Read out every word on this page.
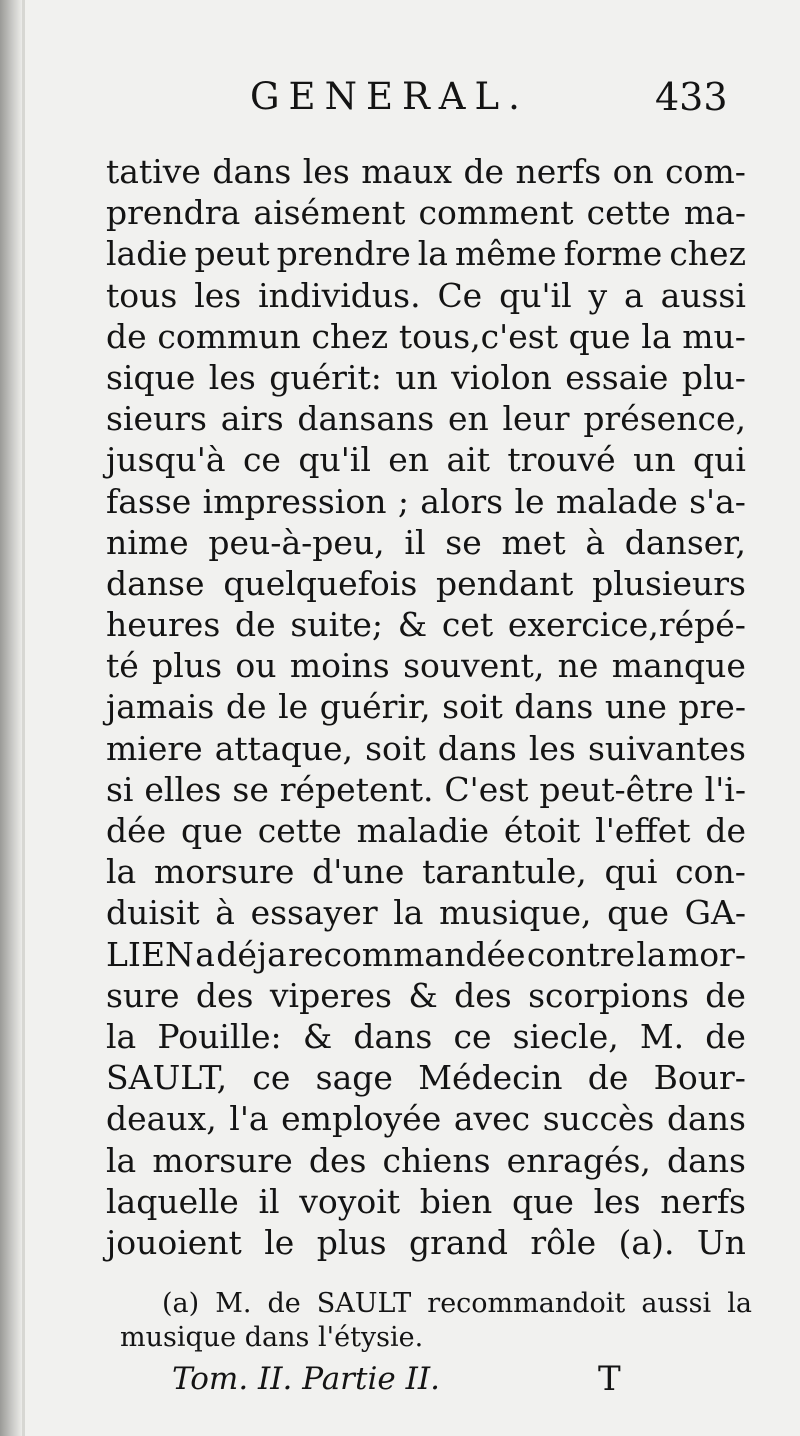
GENERAL.	433
tative dans les maux de nerfs on com-
prendra aisément comment cette ma-
ladie peut prendre la même forme chez
tous les individus. Ce qu'il y a aussi
de commun chez tous,c'est que la mu-
sique les guérit: un violon essaie plu-
sieurs airs dansans en leur présence,
jusqu'à ce qu'il en ait trouvé un qui
fasse impression ; alors le malade s'a-
nime peu-à-peu, il se met à danser,
danse quelquefois pendant plusieurs
heures de suite; & cet exercice,répé-
té plus ou moins souvent, ne manque
jamais de le guérir, soit dans une pre-
miere attaque, soit dans les suivantes
si elles se répetent. C'est peut-être l'i-
dée que cette maladie étoit l'effet de
la morsure d'une tarantule, qui con-
duisit à essayer la musique, que GA-
LIEN a déja recommandée contre la mor-
sure des viperes & des scorpions de
la Pouille: & dans ce siecle, M. de
SAULT, ce sage Médecin de Bour-
deaux, l'a employée avec succès dans
la morsure des chiens enragés, dans
laquelle il voyoit bien que les nerfs
jouoient le plus grand rôle (a). Un
(a) M. de SAULT recommandoit aussi la
musique dans l'étysie.
Tom. II. Partie II.	T
